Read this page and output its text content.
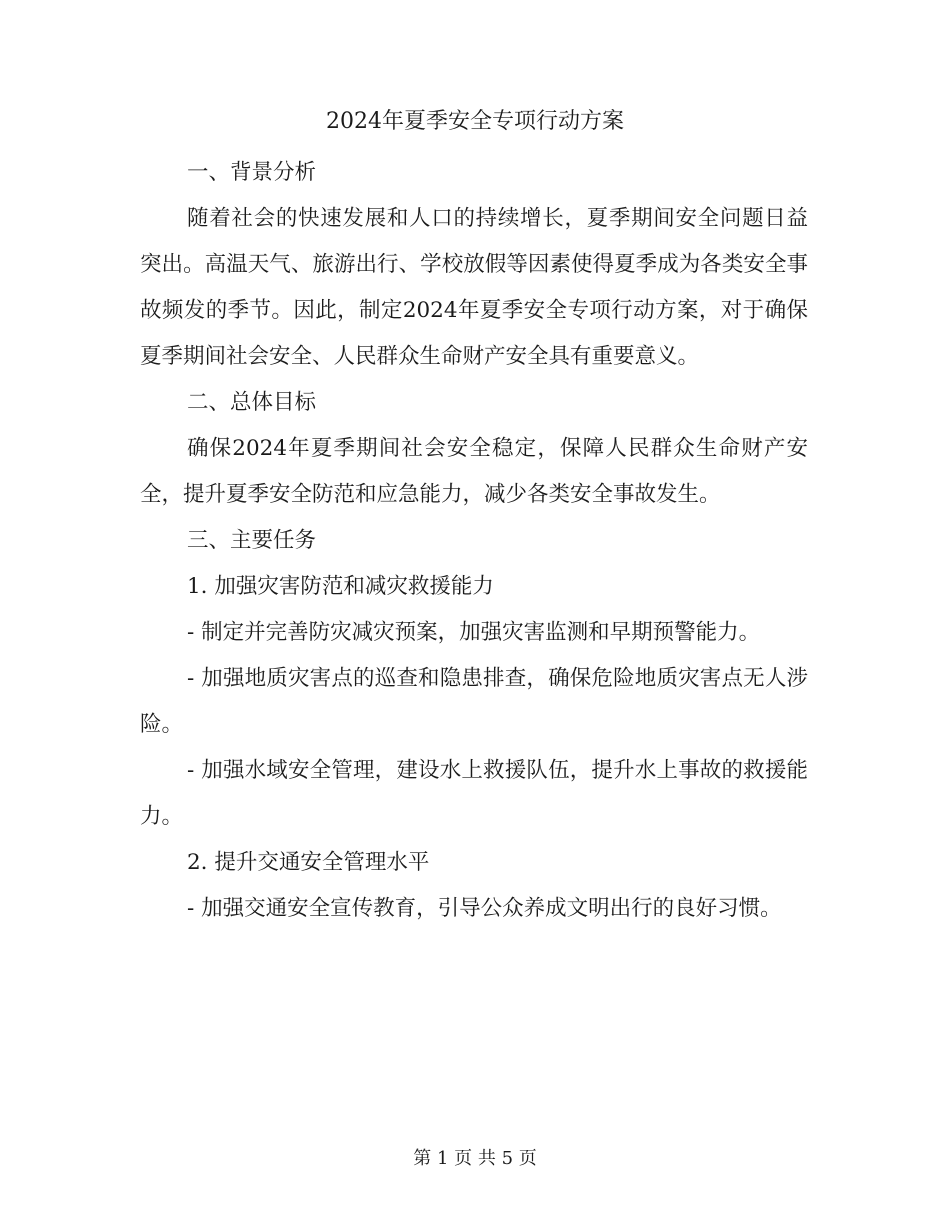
2024年夏季安全专项行动方案

一、背景分析

随着社会的快速发展和人口的持续增长，夏季期间安全问题日益突出。高温天气、旅游出行、学校放假等因素使得夏季成为各类安全事故频发的季节。因此，制定2024年夏季安全专项行动方案，对于确保夏季期间社会安全、人民群众生命财产安全具有重要意义。

二、总体目标

确保2024年夏季期间社会安全稳定，保障人民群众生命财产安全，提升夏季安全防范和应急能力，减少各类安全事故发生。

三、主要任务

1. 加强灾害防范和减灾救援能力

- 制定并完善防灾减灾预案，加强灾害监测和早期预警能力。

- 加强地质灾害点的巡查和隐患排查，确保危险地质灾害点无人涉险。

- 加强水域安全管理，建设水上救援队伍，提升水上事故的救援能力。

2. 提升交通安全管理水平

- 加强交通安全宣传教育，引导公众养成文明出行的良好习惯。

第 1 页 共 5 页
